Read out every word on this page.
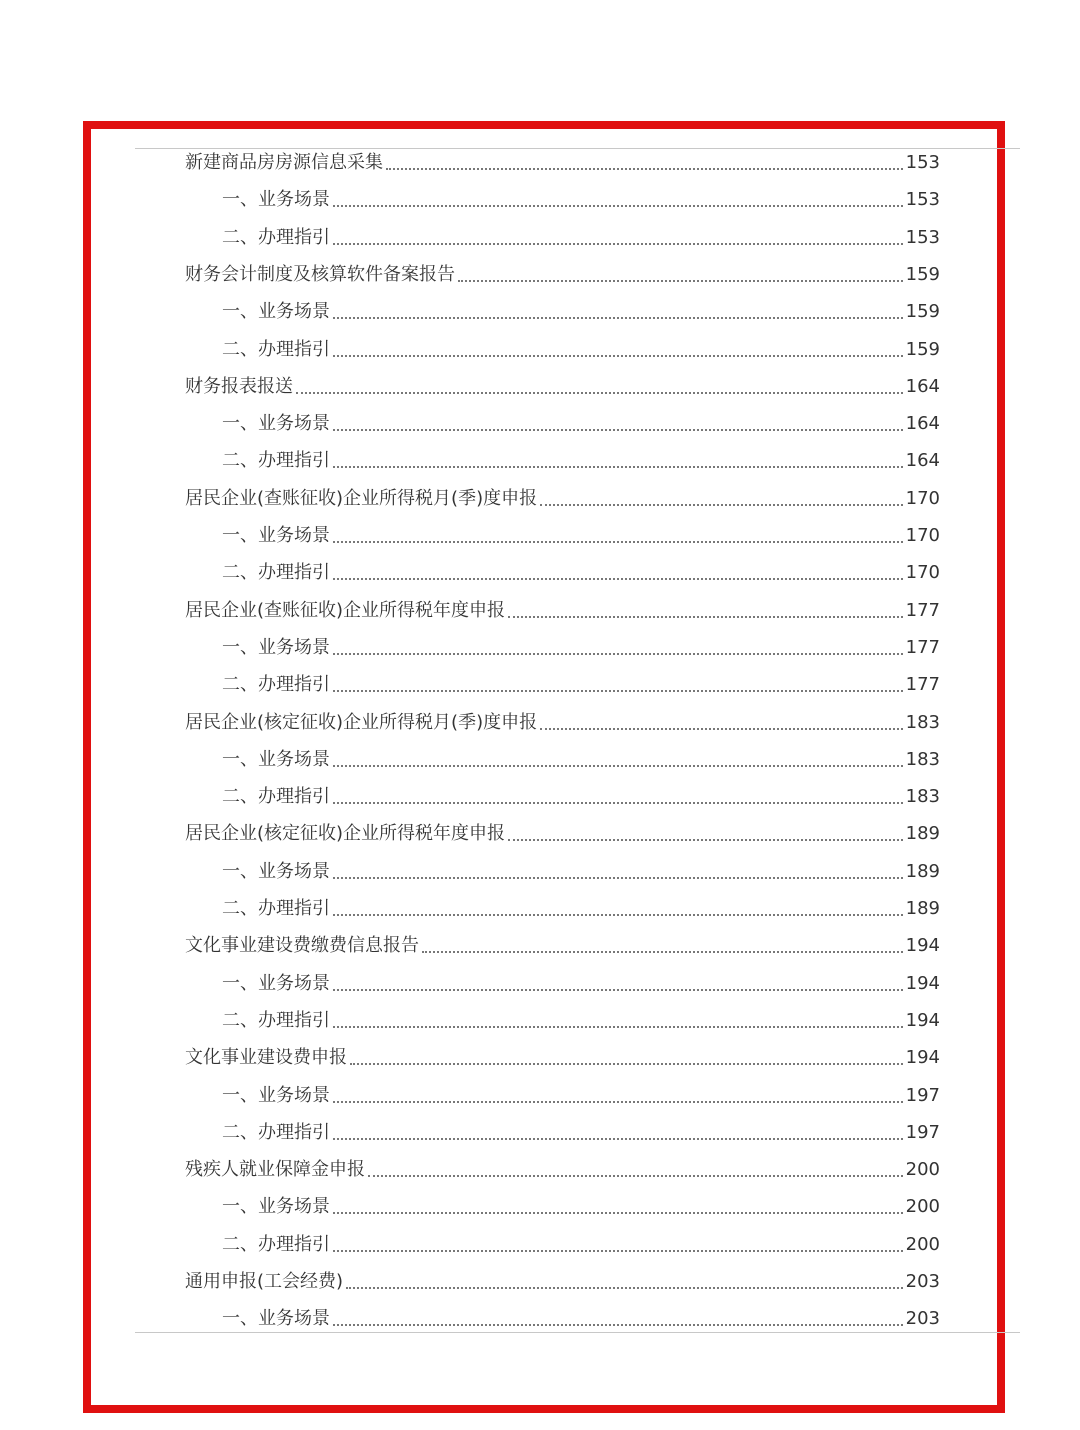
新建商品房房源信息采集	153
一、业务场景	153
二、办理指引	153
财务会计制度及核算软件备案报告	159
一、业务场景	159
二、办理指引	159
财务报表报送	164
一、业务场景	164
二、办理指引	164
居民企业(查账征收)企业所得税月(季)度申报	170
一、业务场景	170
二、办理指引	170
居民企业(查账征收)企业所得税年度申报	177
一、业务场景	177
二、办理指引	177
居民企业(核定征收)企业所得税月(季)度申报	183
一、业务场景	183
二、办理指引	183
居民企业(核定征收)企业所得税年度申报	189
一、业务场景	189
二、办理指引	189
文化事业建设费缴费信息报告	194
一、业务场景	194
二、办理指引	194
文化事业建设费申报	194
一、业务场景	197
二、办理指引	197
残疾人就业保障金申报	200
一、业务场景	200
二、办理指引	200
通用申报(工会经费)	203
一、业务场景	203
